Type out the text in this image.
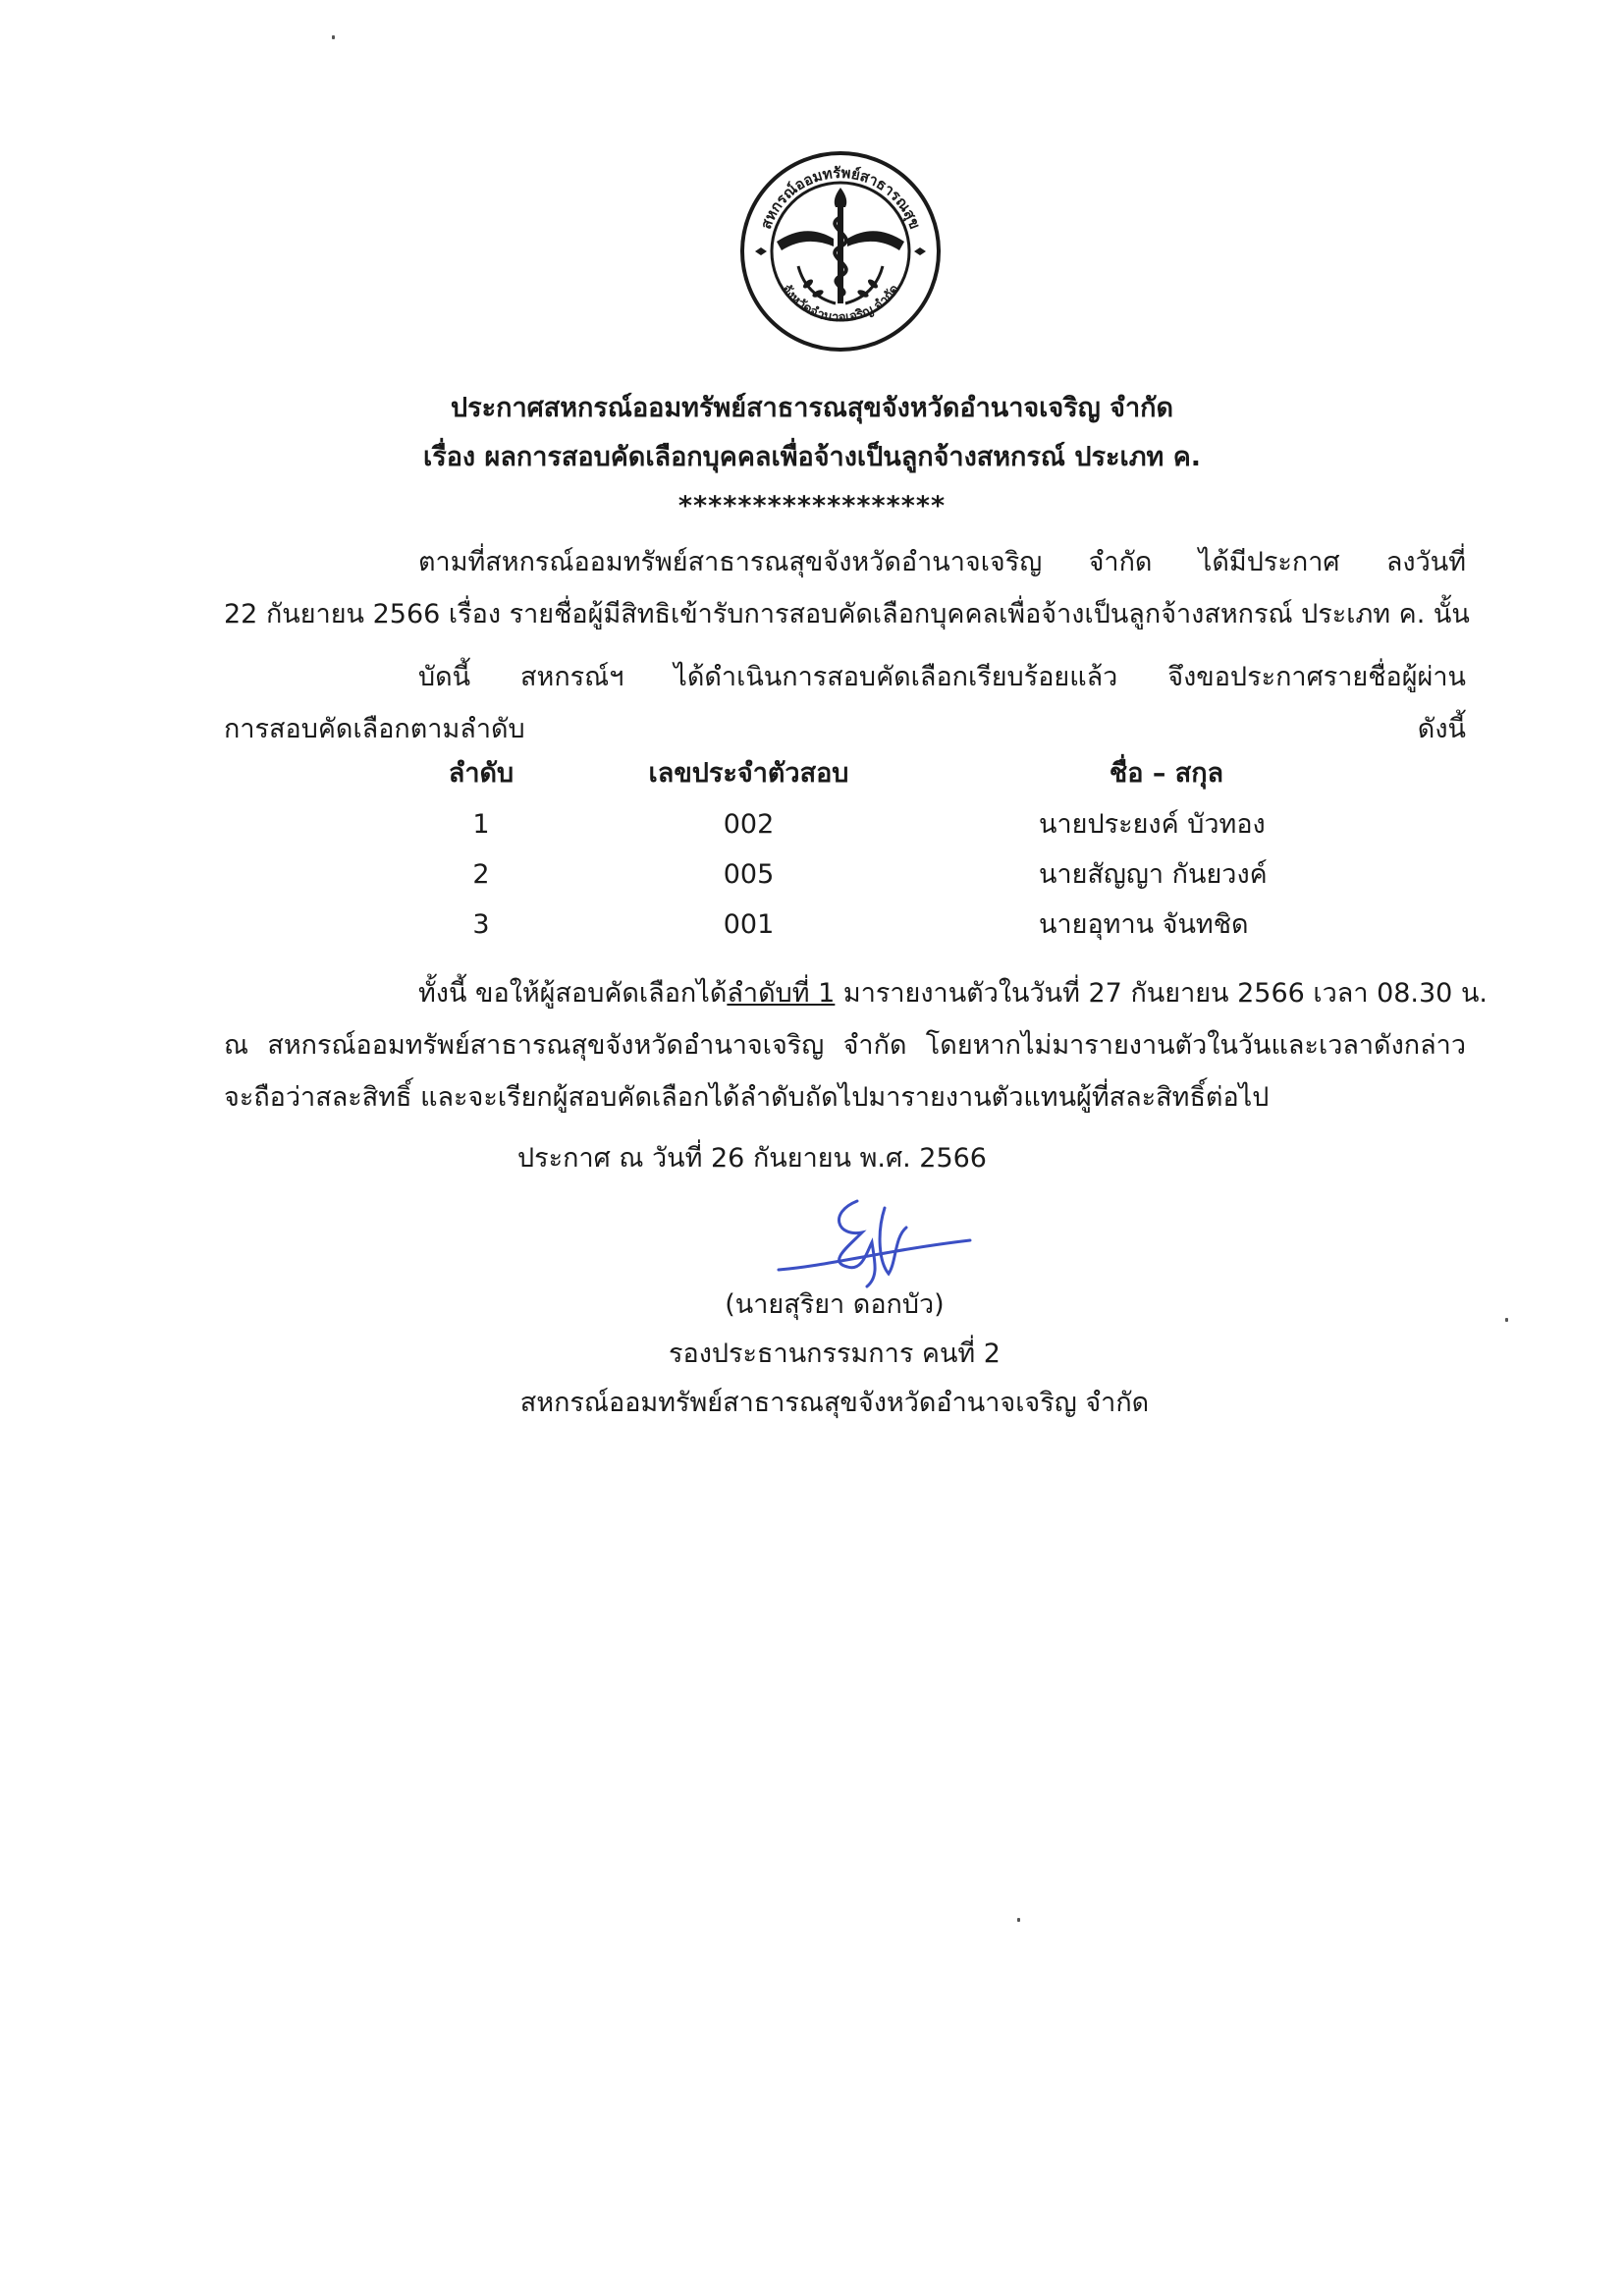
สหกรณ์ออมทรัพย์สาธารณสุข
จังหวัดอำนาจเจริญ จำกัด
ประกาศสหกรณ์ออมทรัพย์สาธารณสุขจังหวัดอำนาจเจริญ จำกัด
เรื่อง ผลการสอบคัดเลือกบุคคลเพื่อจ้างเป็นลูกจ้างสหกรณ์ ประเภท ค.
******************
ตามที่สหกรณ์ออมทรัพย์สาธารณสุขจังหวัดอำนาจเจริญ จำกัด ได้มีประกาศ ลงวันที่
22 กันยายน 2566 เรื่อง รายชื่อผู้มีสิทธิเข้ารับการสอบคัดเลือกบุคคลเพื่อจ้างเป็นลูกจ้างสหกรณ์ ประเภท ค. นั้น
บัดนี้ สหกรณ์ฯ ได้ดำเนินการสอบคัดเลือกเรียบร้อยแล้ว จึงขอประกาศรายชื่อผู้ผ่าน
การสอบคัดเลือกตามลำดับ ดังนี้
ลำดับ	เลขประจำตัวสอบ	ชื่อ – สกุล
1	002	นายประยงค์ บัวทอง
2	005	นายสัญญา กันยวงค์
3	001	นายอุทาน จันทชิด
ทั้งนี้ ขอให้ผู้สอบคัดเลือกได้ลำดับที่ 1 มารายงานตัวในวันที่ 27 กันยายน 2566 เวลา 08.30 น.
ณ สหกรณ์ออมทรัพย์สาธารณสุขจังหวัดอำนาจเจริญ จำกัด โดยหากไม่มารายงานตัวในวันและเวลาดังกล่าว
จะถือว่าสละสิทธิ์ และจะเรียกผู้สอบคัดเลือกได้ลำดับถัดไปมารายงานตัวแทนผู้ที่สละสิทธิ์ต่อไป
ประกาศ ณ วันที่ 26 กันยายน พ.ศ. 2566
(นายสุริยา ดอกบัว)
รองประธานกรรมการ คนที่ 2
สหกรณ์ออมทรัพย์สาธารณสุขจังหวัดอำนาจเจริญ จำกัด
